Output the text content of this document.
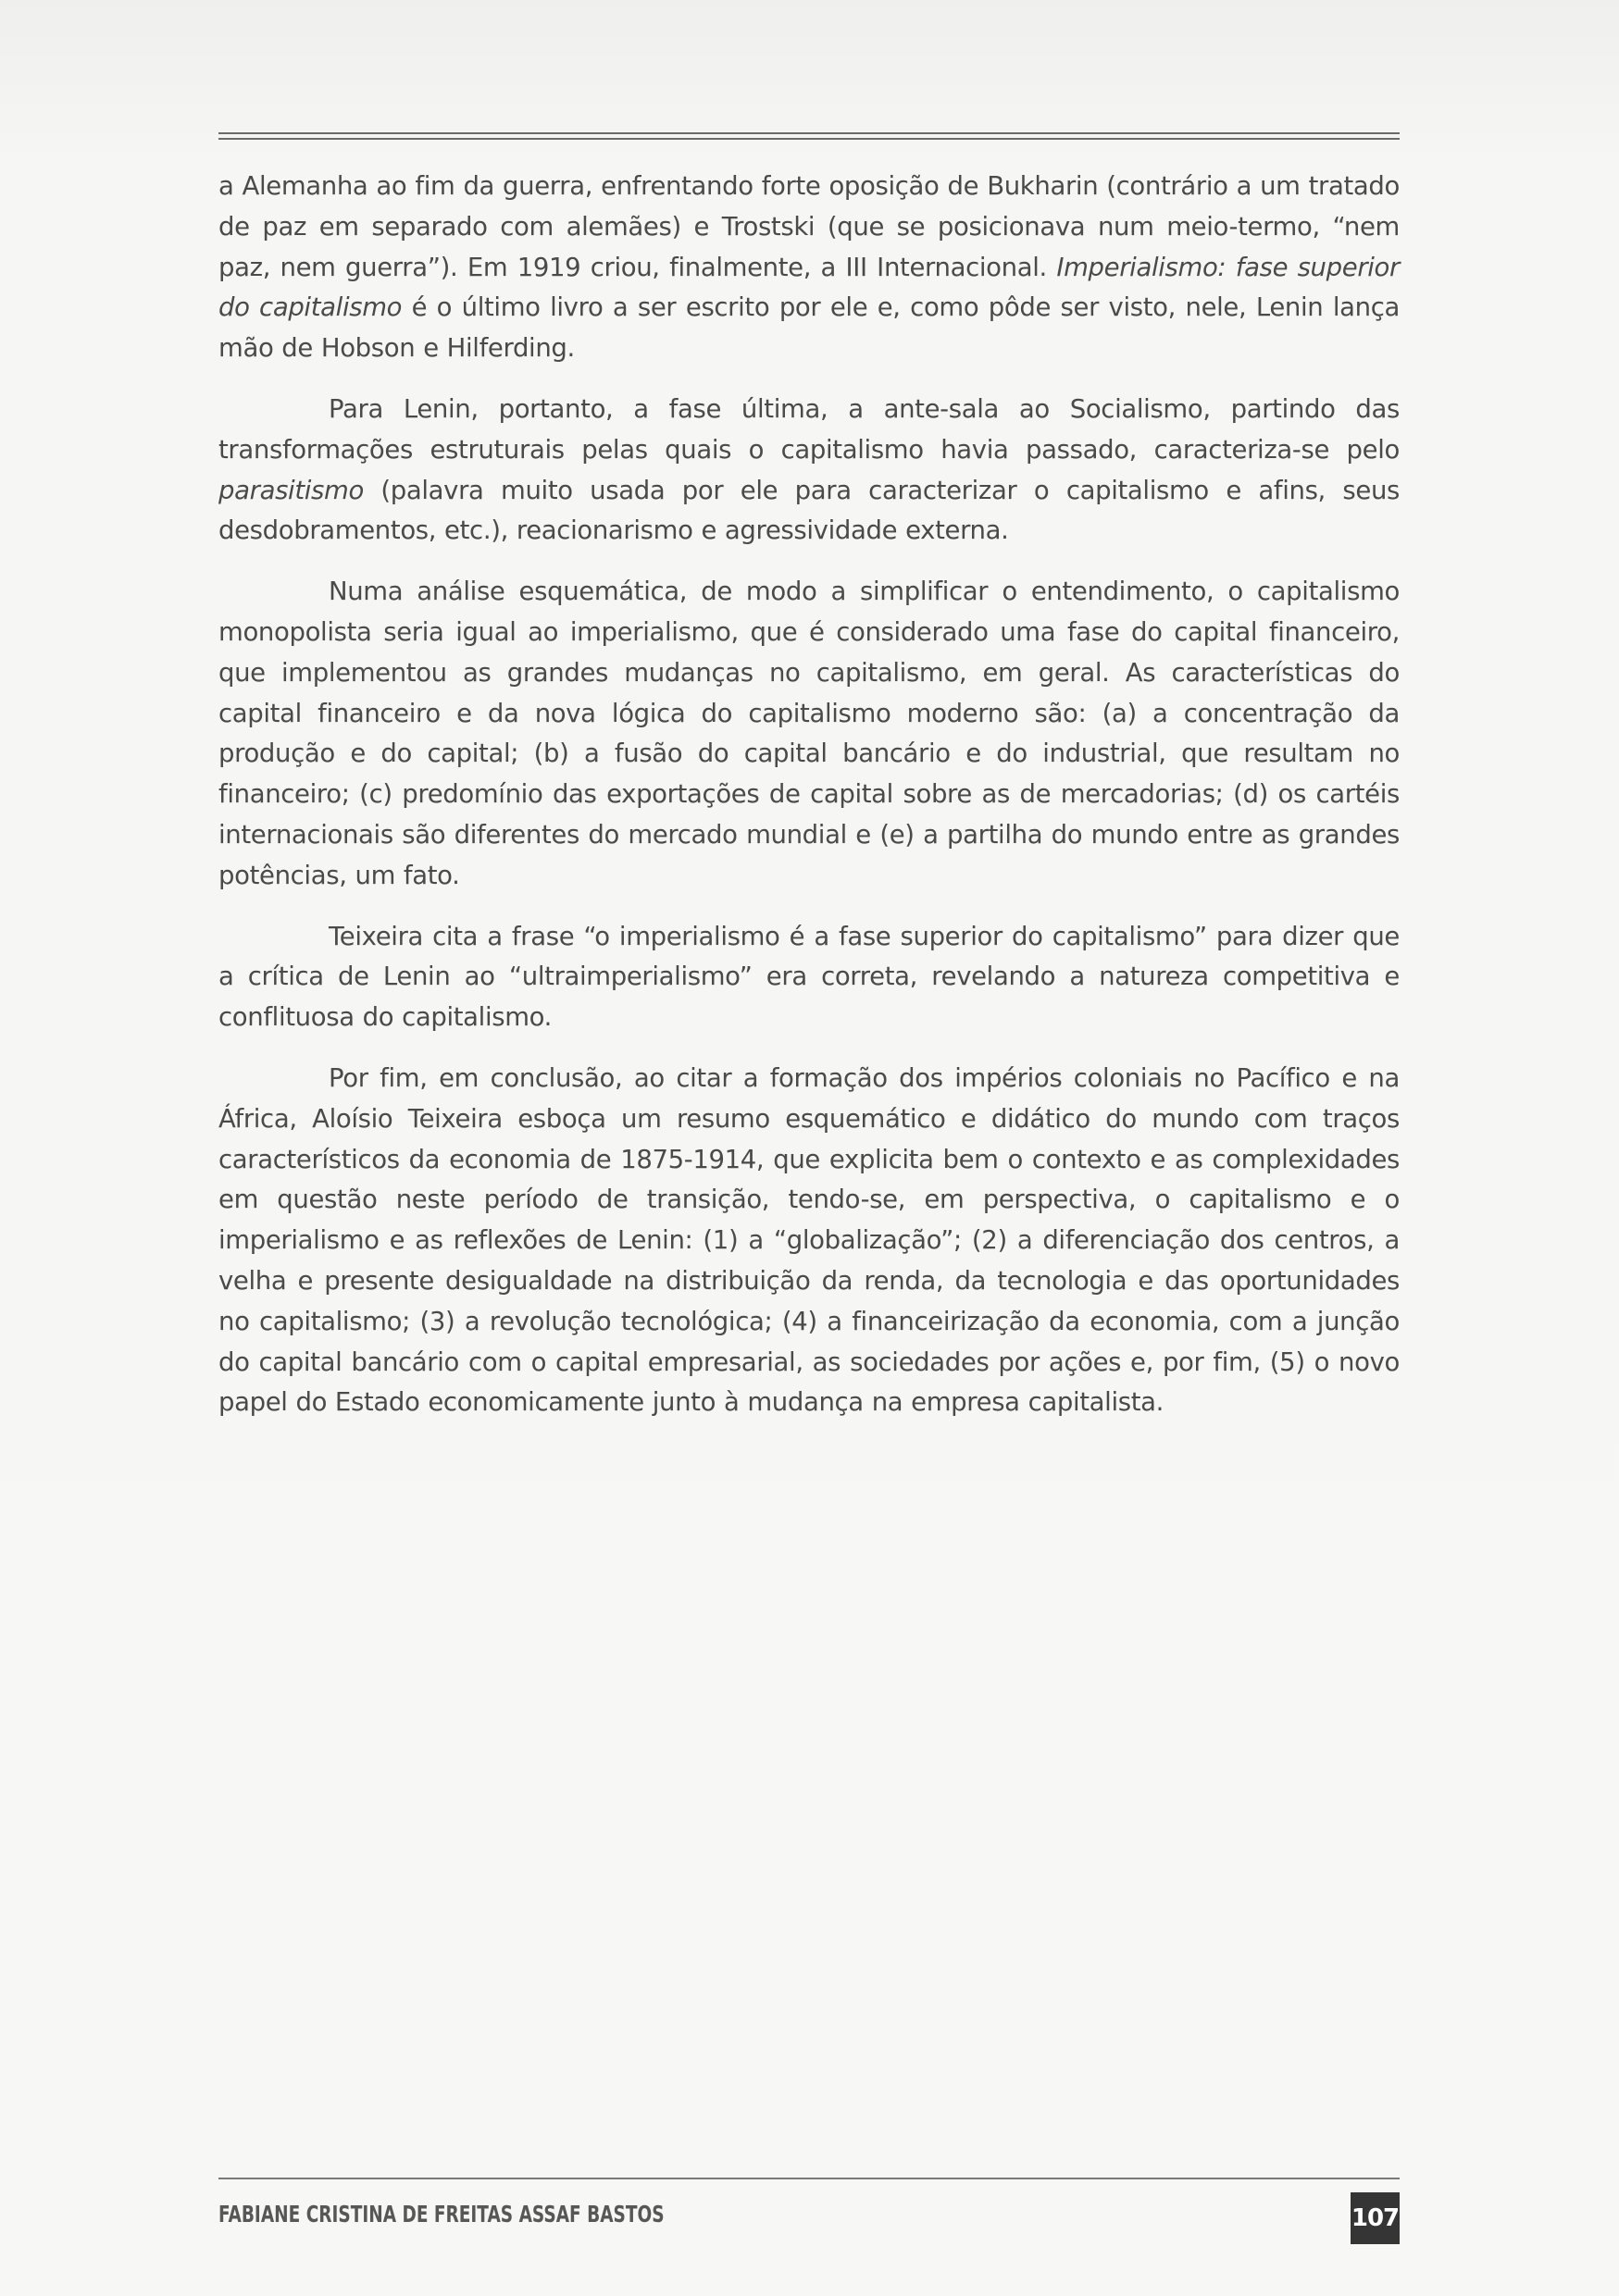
a Alemanha ao fim da guerra, enfrentando forte oposição de Bukharin (contrário a um tratado de paz em separado com alemães) e Trostski (que se posicionava num meio-termo, “nem paz, nem guerra”). Em 1919 criou, finalmente, a III Internacional. Imperialismo: fase superior do capitalismo é o último livro a ser escrito por ele e, como pôde ser visto, nele, Lenin lança mão de Hobson e Hilferding.

Para Lenin, portanto, a fase última, a ante-sala ao Socialismo, partindo das transformações estruturais pelas quais o capitalismo havia passado, caracteriza-se pelo parasitismo (palavra muito usada por ele para caracterizar o capitalismo e afins, seus desdobramentos, etc.), reacionarismo e agressividade externa.

Numa análise esquemática, de modo a simplificar o entendimento, o capitalismo monopolista seria igual ao imperialismo, que é considerado uma fase do capital financeiro, que implementou as grandes mudanças no capitalismo, em geral. As características do capital financeiro e da nova lógica do capitalismo moderno são: (a) a concentração da produção e do capital; (b) a fusão do capital bancário e do industrial, que resultam no financeiro; (c) predomínio das exportações de capital sobre as de mercadorias; (d) os cartéis internacionais são diferentes do mercado mundial e (e) a partilha do mundo entre as grandes potências, um fato.

Teixeira cita a frase “o imperialismo é a fase superior do capitalismo” para dizer que a crítica de Lenin ao “ultraimperialismo” era correta, revelando a natureza competitiva e conflituosa do capitalismo.

Por fim, em conclusão, ao citar a formação dos impérios coloniais no Pacífico e na África, Aloísio Teixeira esboça um resumo esquemático e didático do mundo com traços característicos da economia de 1875-1914, que explicita bem o contexto e as complexidades em questão neste período de transição, tendo-se, em perspectiva, o capitalismo e o imperialismo e as reflexões de Lenin: (1) a “globalização”; (2) a diferenciação dos centros, a velha e presente desigualdade na distribuição da renda, da tecnologia e das oportunidades no capitalismo; (3) a revolução tecnológica; (4) a financeirização da economia, com a junção do capital bancário com o capital empresarial, as sociedades por ações e, por fim, (5) o novo papel do Estado economicamente junto à mudança na empresa capitalista.

FABIANE CRISTINA DE FREITAS ASSAF BASTOS	107
